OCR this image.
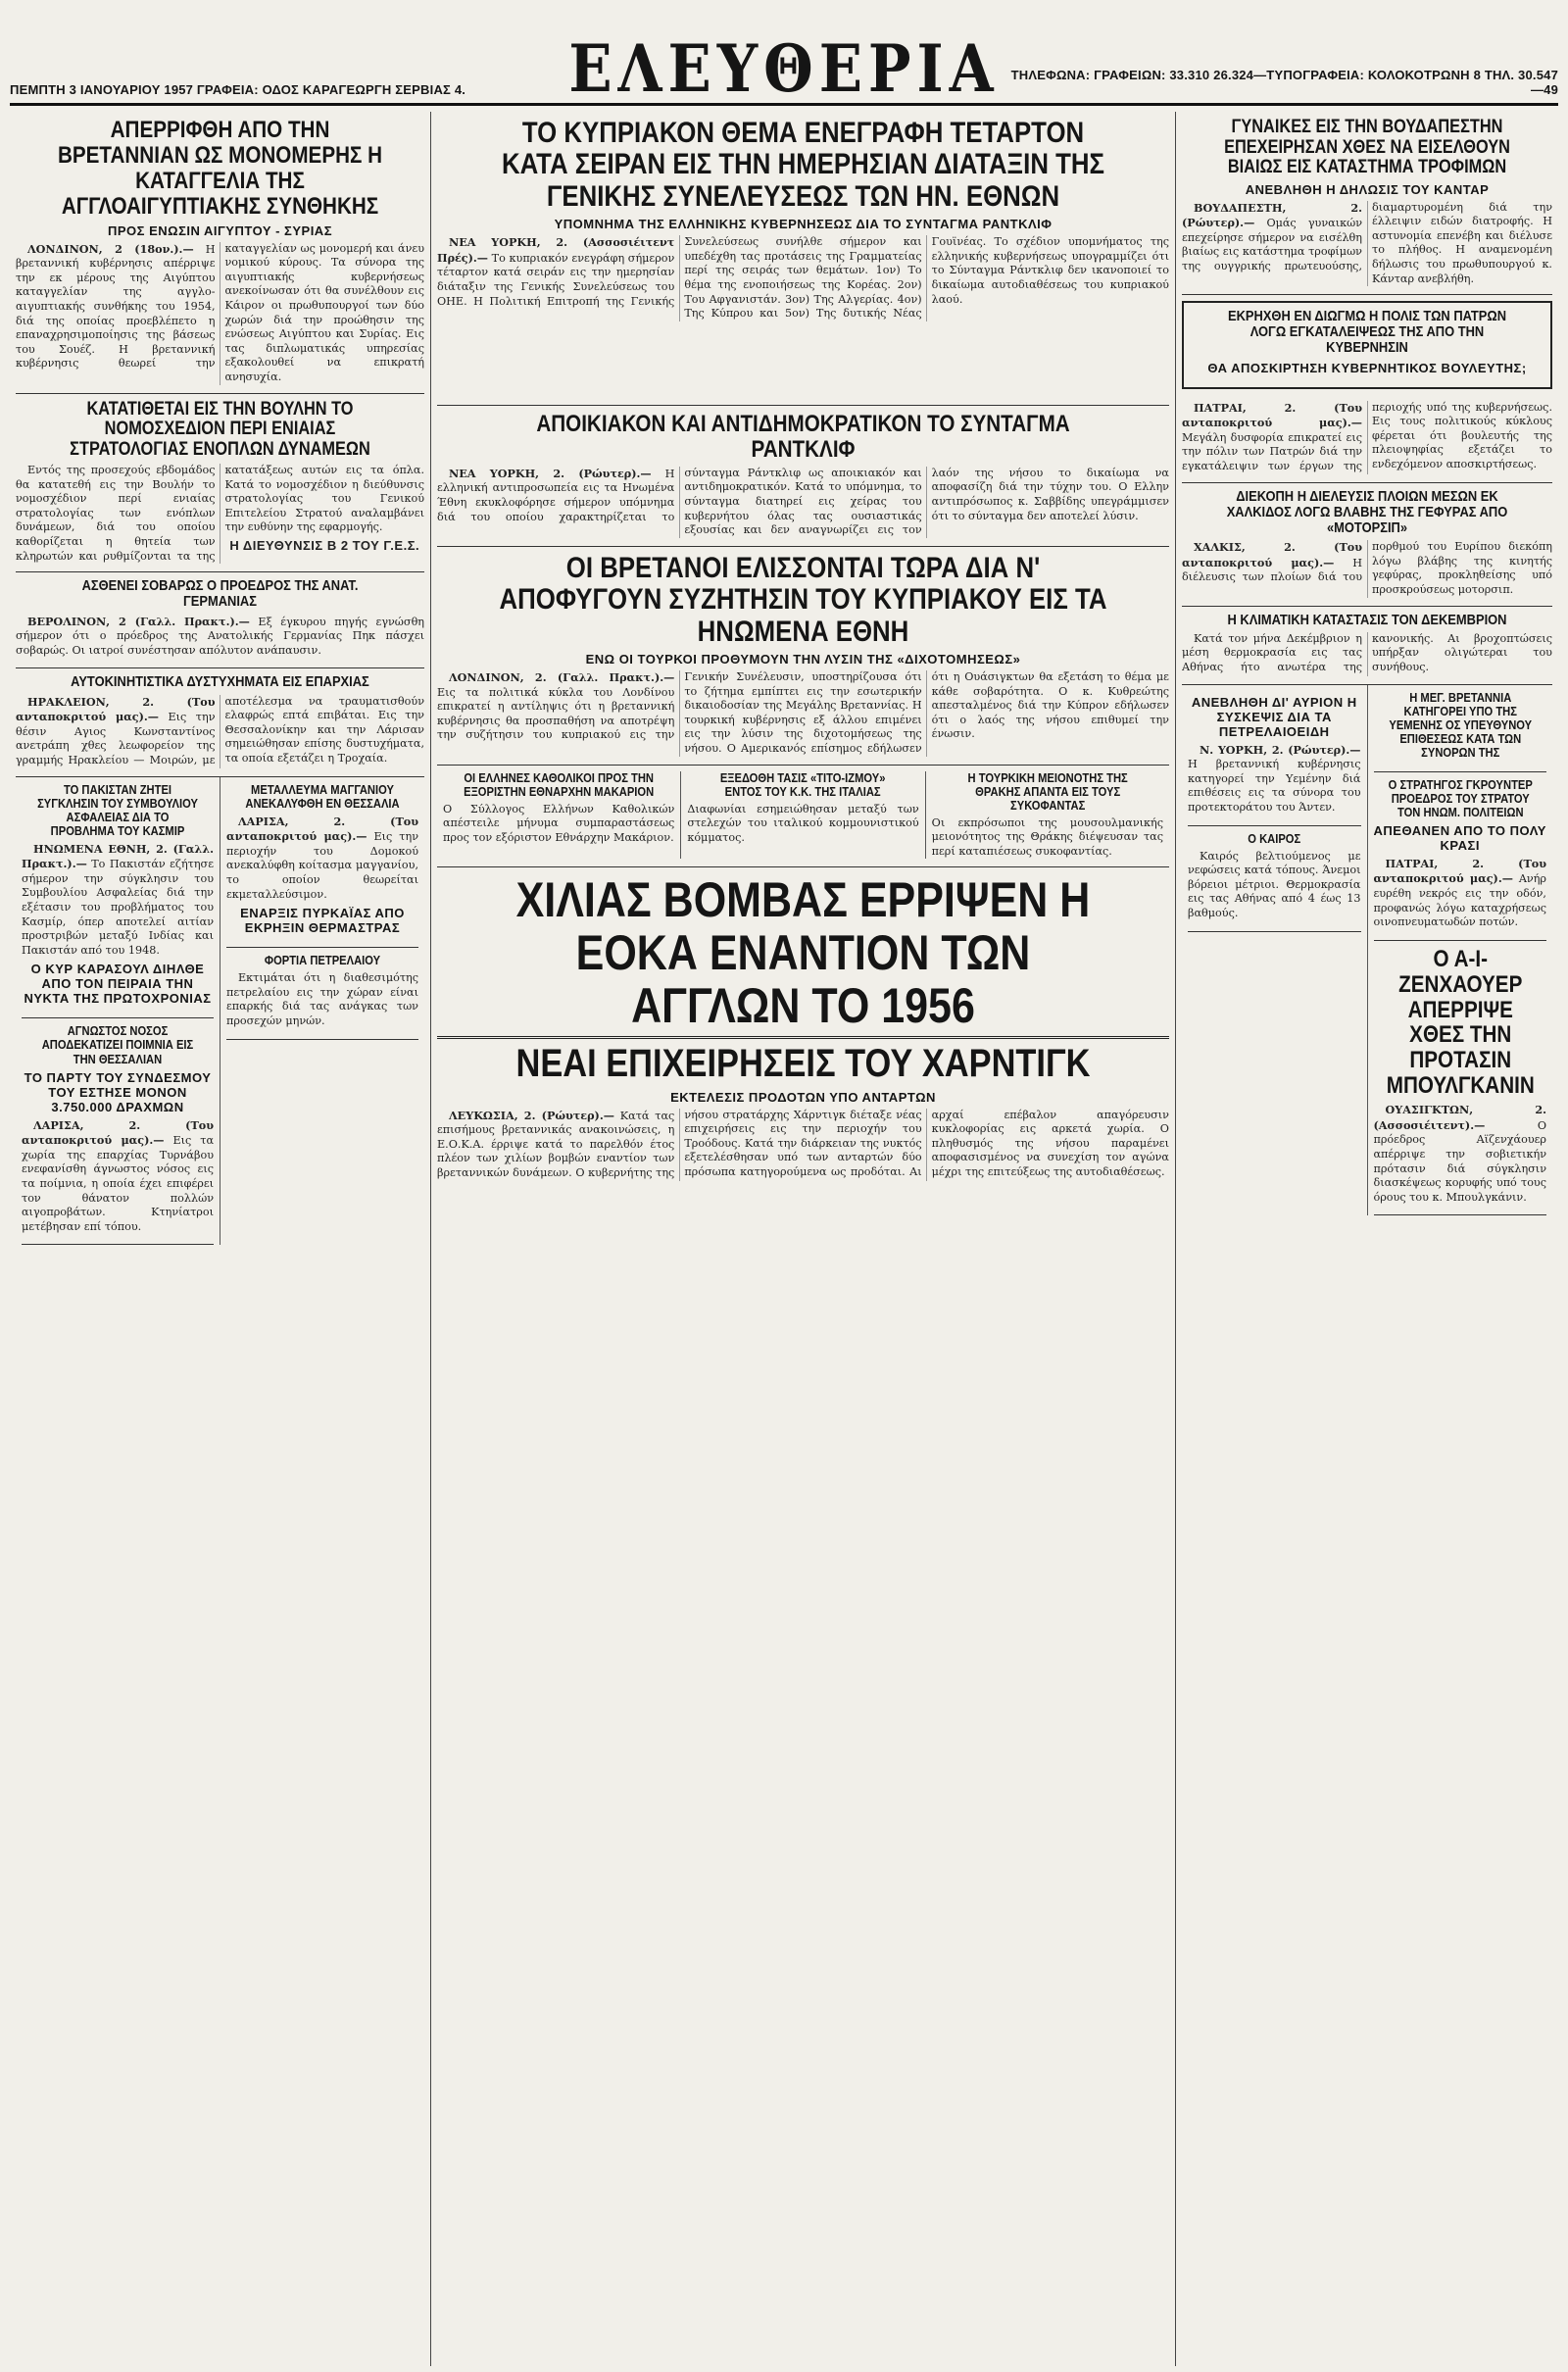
ΠΕΜΠΤΗ 3 ΙΑΝΟΥΑΡΙΟΥ 1957 ΓΡΑΦΕΙΑ: ΟΔΟΣ ΚΑΡΑΓΕΩΡΓΗ ΣΕΡΒΙΑΣ 4.	ΕΛΕΥΘΕΡΙΑ ΤΗΛΕΦΩΝΑ: ΓΡΑΦΕΙΩΝ: 33.310 26.324—ΤΥΠΟΓΡΑΦΕΙΑ: ΚΟΛΟΚΟΤΡΩΝΗ 8 ΤΗΛ. 30.547—49
ΑΠΕΡΡΙΦΘΗ ΑΠΟ ΤΗΝ ΒΡΕΤΑΝΝΙΑΝ ΩΣ ΜΟΝΟΜΕΡΗΣ Η ΚΑΤΑΓΓΕΛΙΑ ΤΗΣ ΑΓΓΛΟΑΙΓΥΠΤΙΑΚΗΣ ΣΥΝΘΗΚΗΣ
ΠΡΟΣ ΕΝΩΣΙΝ ΑΙΓΥΠΤΟΥ - ΣΥΡΙΑΣ

ΛΟΝΔΙΝΟΝ, 2 (18ον.).— Η βρεταννική κυβέρνησις απέρριψε την εκ μέρους της Αιγύπτου καταγγελίαν της αγγλο-αιγυπτιακής συνθήκης του 1954, διά της οποίας προεβλέπετο η επαναχρησιμοποίησις της βάσεως του Σουέζ. Η βρεταννική κυβέρνησις θεωρεί την καταγγελίαν ως μονομερή και άνευ νομικού κύρους. Τα σύνορα της αιγυπτιακής κυβερνήσεως ανεκοίνωσαν ότι θα συνέλθουν εις Κάιρον οι πρωθυπουργοί των δύο χωρών διά την προώθησιν της ενώσεως Αιγύπτου και Συρίας. Εις τας διπλωματικάς υπηρεσίας εξακολουθεί να επικρατή ανησυχία.

ΚΑΤΑΤΙΘΕΤΑΙ ΕΙΣ ΤΗΝ ΒΟΥΛΗΝ ΤΟ ΝΟΜΟΣΧΕΔΙΟΝ ΠΕΡΙ ΕΝΙΑΙΑΣ ΣΤΡΑΤΟΛΟΓΙΑΣ ΕΝΟΠΛΩΝ ΔΥΝΑΜΕΩΝ

Εντός της προσεχούς εβδομάδος θα κατατεθή εις την Βουλήν το νομοσχέδιον περί ενιαίας στρατολογίας των ενόπλων δυνάμεων, διά του οποίου καθορίζεται η θητεία των κληρωτών και ρυθμίζονται τα της κατατάξεως αυτών εις τα όπλα. Κατά το νομοσχέδιον η διεύθυνσις στρατολογίας του Γενικού Επιτελείου Στρατού αναλαμβάνει την ευθύνην της εφαρμογής.

Η ΔΙΕΥΘΥΝΣΙΣ Β 2 ΤΟΥ Γ.Ε.Σ.
ΑΣΘΕΝΕΙ ΣΟΒΑΡΩΣ Ο ΠΡΟΕΔΡΟΣ ΤΗΣ ΑΝΑΤ. ΓΕΡΜΑΝΙΑΣ

ΒΕΡΟΛΙΝΟΝ, 2 (Γαλλ. Πρακτ.).— Εξ έγκυρου πηγής εγνώσθη σήμερον ότι ο πρόεδρος της Ανατολικής Γερμανίας Πηκ πάσχει σοβαρώς. Οι ιατροί συνέστησαν απόλυτον ανάπαυσιν.

ΑΥΤΟΚΙΝΗΤΙΣΤΙΚΑ ΔΥΣΤΥΧΗΜΑΤΑ ΕΙΣ ΕΠΑΡΧΙΑΣ

ΗΡΑΚΛΕΙΟΝ, 2. (Του ανταποκριτού μας).— Εις την θέσιν Αγιος Κωνσταντίνος ανετράπη χθες λεωφορείον της γραμμής Ηρακλείου — Μοιρών, με αποτέλεσμα να τραυματισθούν ελαφρώς επτά επιβάται. Εις την Θεσσαλονίκην και την Λάρισαν σημειώθησαν επίσης δυστυχήματα, τα οποία εξετάζει η Τροχαία.

ΤΟ ΠΑΚΙΣΤΑΝ ΖΗΤΕΙ ΣΥΓΚΛΗΣΙΝ ΤΟΥ ΣΥΜΒΟΥΛΙΟΥ ΑΣΦΑΛΕΙΑΣ ΔΙΑ ΤΟ ΠΡΟΒΛΗΜΑ ΤΟΥ ΚΑΣΜΙΡ

ΗΝΩΜΕΝΑ ΕΘΝΗ, 2. (Γαλλ. Πρακτ.).— Το Πακιστάν εζήτησε σήμερον την σύγκλησιν του Συμβουλίου Ασφαλείας διά την εξέτασιν του προβλήματος του Κασμίρ, όπερ αποτελεί αιτίαν προστριβών μεταξύ Ινδίας και Πακιστάν από του 1948.

Ο ΚΥΡ ΚΑΡΑΣΟΥΛ ΔΙΗΛΘΕ ΑΠΟ ΤΟΝ ΠΕΙΡΑΙΑ ΤΗΝ ΝΥΚΤΑ ΤΗΣ ΠΡΩΤΟΧΡΟΝΙΑΣ
ΑΓΝΩΣΤΟΣ ΝΟΣΟΣ ΑΠΟΔΕΚΑΤΙΖΕΙ ΠΟΙΜΝΙΑ ΕΙΣ ΤΗΝ ΘΕΣΣΑΛΙΑΝ
ΤΟ ΠΑΡΤΥ ΤΟΥ ΣΥΝΔΕΣΜΟΥ ΤΟΥ ΕΣΤΗΣΕ ΜΟΝΟΝ 3.750.000 ΔΡΑΧΜΩΝ

ΛΑΡΙΣΑ, 2. (Του ανταποκριτού μας).— Εις τα χωρία της επαρχίας Τυρνάβου ενεφανίσθη άγνωστος νόσος εις τα ποίμνια, η οποία έχει επιφέρει τον θάνατον πολλών αιγοπροβάτων. Κτηνίατροι μετέβησαν επί τόπου.

ΜΕΤΑΛΛΕΥΜΑ ΜΑΓΓΑΝΙΟΥ ΑΝΕΚΑΛΥΦΘΗ ΕΝ ΘΕΣΣΑΛΙΑ

ΛΑΡΙΣΑ, 2. (Του ανταποκριτού μας).— Εις την περιοχήν του Δομοκού ανεκαλύφθη κοίτασμα μαγγανίου, το οποίον θεωρείται εκμεταλλεύσιμον.

ΕΝΑΡΞΙΣ ΠΥΡΚΑΪΑΣ ΑΠΟ ΕΚΡΗΞΙΝ ΘΕΡΜΑΣΤΡΑΣ
ΦΟΡΤΙΑ ΠΕΤΡΕΛΑΙΟΥ

Εκτιμάται ότι η διαθεσιμότης πετρελαίου εις την χώραν είναι επαρκής διά τας ανάγκας των προσεχών μηνών.

ΤΟ ΚΥΠΡΙΑΚΟΝ ΘΕΜΑ ΕΝΕΓΡΑΦΗ ΤΕΤΑΡΤΟΝ ΚΑΤΑ ΣΕΙΡΑΝ ΕΙΣ ΤΗΝ ΗΜΕΡΗΣΙΑΝ ΔΙΑΤΑΞΙΝ ΤΗΣ ΓΕΝΙΚΗΣ ΣΥΝΕΛΕΥΣΕΩΣ ΤΩΝ ΗΝ. ΕΘΝΩΝ
ΥΠΟΜΝΗΜΑ ΤΗΣ ΕΛΛΗΝΙΚΗΣ ΚΥΒΕΡΝΗΣΕΩΣ ΔΙΑ ΤΟ ΣΥΝΤΑΓΜΑ ΡΑΝΤΚΛΙΦ

ΝΕΑ ΥΟΡΚΗ, 2. (Ασσοσιέιτεντ Πρές).— Το κυπριακόν ενεγράφη σήμερον τέταρτον κατά σειράν εις την ημερησίαν διάταξιν της Γενικής Συνελεύσεως του ΟΗΕ. Η Πολιτική Επιτροπή της Γενικής Συνελεύσεως συνήλθε σήμερον και υπεδέχθη τας προτάσεις της Γραμματείας περί της σειράς των θεμάτων. 1ον) Το θέμα της ενοποιήσεως της Κορέας. 2ον) Του Αφγανιστάν. 3ον) Της Αλγερίας. 4ον) Της Κύπρου και 5ον) Της δυτικής Νέας Γουϊνέας. Το σχέδιον υπομνήματος της ελληνικής κυβερνήσεως υπογραμμίζει ότι το Σύνταγμα Ράντκλιφ δεν ικανοποιεί το δικαίωμα αυτοδιαθέσεως του κυπριακού λαού.

ΑΠΟΙΚΙΑΚΟΝ ΚΑΙ ΑΝΤΙΔΗΜΟΚΡΑΤΙΚΟΝ ΤΟ ΣΥΝΤΑΓΜΑ ΡΑΝΤΚΛΙΦ

ΝΕΑ ΥΟΡΚΗ, 2. (Ρώυτερ).— Η ελληνική αντιπροσωπεία εις τα Ηνωμένα Έθνη εκυκλοφόρησε σήμερον υπόμνημα διά του οποίου χαρακτηρίζεται το σύνταγμα Ράντκλιφ ως αποικιακόν και αντιδημοκρατικόν. Κατά το υπόμνημα, το σύνταγμα διατηρεί εις χείρας του κυβερνήτου όλας τας ουσιαστικάς εξουσίας και δεν αναγνωρίζει εις τον λαόν της νήσου το δικαίωμα να αποφασίζη διά την τύχην του. Ο Ελλην αντιπρόσωπος κ. Σαββίδης υπεγράμμισεν ότι το σύνταγμα δεν αποτελεί λύσιν.

ΟΙ ΒΡΕΤΑΝΟΙ ΕΛΙΣΣΟΝΤΑΙ ΤΩΡΑ ΔΙΑ Ν' ΑΠΟΦΥΓΟΥΝ ΣΥΖΗΤΗΣΙΝ ΤΟΥ ΚΥΠΡΙΑΚΟΥ ΕΙΣ ΤΑ ΗΝΩΜΕΝΑ ΕΘΝΗ
ΕΝΩ ΟΙ ΤΟΥΡΚΟΙ ΠΡΟΘΥΜΟΥΝ ΤΗΝ ΛΥΣΙΝ ΤΗΣ «ΔΙΧΟΤΟΜΗΣΕΩΣ»

ΛΟΝΔΙΝΟΝ, 2. (Γαλλ. Πρακτ.).— Εις τα πολιτικά κύκλα του Λονδίνου επικρατεί η αντίληψις ότι η βρεταννική κυβέρνησις θα προσπαθήση να αποτρέψη την συζήτησιν του κυπριακού εις την Γενικήν Συνέλευσιν, υποστηρίζουσα ότι το ζήτημα εμπίπτει εις την εσωτερικήν δικαιοδοσίαν της Μεγάλης Βρεταννίας. Η τουρκική κυβέρνησις εξ άλλου επιμένει εις την λύσιν της διχοτομήσεως της νήσου. Ο Αμερικανός επίσημος εδήλωσεν ότι η Ουάσιγκτων θα εξετάση το θέμα με κάθε σοβαρότητα. Ο κ. Κυθρεώτης απεσταλμένος διά την Κύπρον εδήλωσεν ότι ο λαός της νήσου επιθυμεί την ένωσιν.

ΟΙ ΕΛΛΗΝΕΣ ΚΑΘΟΛΙΚΟΙ ΠΡΟΣ ΤΗΝ ΕΞΟΡΙΣΤΗΝ ΕΘΝΑΡΧΗΝ ΜΑΚΑΡΙΟΝ
Ο Σύλλογος Ελλήνων Καθολικών απέστειλε μήνυμα συμπαραστάσεως προς τον εξόριστον Εθνάρχην Μακάριον.
ΕΞΕΔΟΘΗ ΤΑΣΙΣ «ΤΙΤΟ-ΙΖΜΟΥ» ΕΝΤΟΣ ΤΟΥ Κ.Κ. ΤΗΣ ΙΤΑΛΙΑΣ
Διαφωνίαι εσημειώθησαν μεταξύ των στελεχών του ιταλικού κομμουνιστικού κόμματος.
Η ΤΟΥΡΚΙΚΗ ΜΕΙΟΝΟΤΗΣ ΤΗΣ ΘΡΑΚΗΣ ΑΠΑΝΤΑ ΕΙΣ ΤΟΥΣ ΣΥΚΟΦΑΝΤΑΣ
Οι εκπρόσωποι της μουσουλμανικής μειονότητος της Θράκης διέψευσαν τας περί καταπιέσεως συκοφαντίας.
ΧΙΛΙΑΣ ΒΟΜΒΑΣ ΕΡΡΙΨΕΝ Η ΕΟΚΑ ΕΝΑΝΤΙΟΝ ΤΩΝ ΑΓΓΛΩΝ ΤΟ 1956
ΝΕΑΙ ΕΠΙΧΕΙΡΗΣΕΙΣ ΤΟΥ ΧΑΡΝΤΙΓΚ
ΕΚΤΕΛΕΣΙΣ ΠΡΟΔΟΤΩΝ ΥΠΟ ΑΝΤΑΡΤΩΝ

ΛΕΥΚΩΣΙΑ, 2. (Ρώυτερ).— Κατά τας επισήμους βρεταννικάς ανακοινώσεις, η Ε.Ο.Κ.Α. έρριψε κατά το παρελθόν έτος πλέον των χιλίων βομβών εναντίον των βρεταννικών δυνάμεων. Ο κυβερνήτης της νήσου στρατάρχης Χάρντιγκ διέταξε νέας επιχειρήσεις εις την περιοχήν του Τροόδους. Κατά την διάρκειαν της νυκτός εξετελέσθησαν υπό των ανταρτών δύο πρόσωπα κατηγορούμενα ως προδόται. Αι αρχαί επέβαλον απαγόρευσιν κυκλοφορίας εις αρκετά χωρία. Ο πληθυσμός της νήσου παραμένει αποφασισμένος να συνεχίση τον αγώνα μέχρι της επιτεύξεως της αυτοδιαθέσεως.

ΓΥΝΑΙΚΕΣ ΕΙΣ ΤΗΝ ΒΟΥΔΑΠΕΣΤΗΝ ΕΠΕΧΕΙΡΗΣΑΝ ΧΘΕΣ ΝΑ ΕΙΣΕΛΘΟΥΝ ΒΙΑΙΩΣ ΕΙΣ ΚΑΤΑΣΤΗΜΑ ΤΡΟΦΙΜΩΝ
ΑΝΕΒΛΗΘΗ Η ΔΗΛΩΣΙΣ ΤΟΥ ΚΑΝΤΑΡ

ΒΟΥΔΑΠΕΣΤΗ, 2. (Ρώυτερ).— Ομάς γυναικών επεχείρησε σήμερον να εισέλθη βιαίως εις κατάστημα τροφίμων της ουγγρικής πρωτευούσης, διαμαρτυρομένη διά την έλλειψιν ειδών διατροφής. Η αστυνομία επενέβη και διέλυσε το πλήθος. Η αναμενομένη δήλωσις του πρωθυπουργού κ. Κάνταρ ανεβλήθη.

ΕΚΡΗΧΘΗ ΕΝ ΔΙΩΓΜΩ Η ΠΟΛΙΣ ΤΩΝ ΠΑΤΡΩΝ ΛΟΓΩ ΕΓΚΑΤΑΛΕΙΨΕΩΣ ΤΗΣ ΑΠΟ ΤΗΝ ΚΥΒΕΡΝΗΣΙΝ
ΘΑ ΑΠΟΣΚΙΡΤΗΣΗ ΚΥΒΕΡΝΗΤΙΚΟΣ ΒΟΥΛΕΥΤΗΣ;

ΠΑΤΡΑΙ, 2. (Του ανταποκριτού μας).— Μεγάλη δυσφορία επικρατεί εις την πόλιν των Πατρών διά την εγκατάλειψιν των έργων της περιοχής υπό της κυβερνήσεως. Εις τους πολιτικούς κύκλους φέρεται ότι βουλευτής της πλειοψηφίας εξετάζει το ενδεχόμενον αποσκιρτήσεως.

ΔΙΕΚΟΠΗ Η ΔΙΕΛΕΥΣΙΣ ΠΛΟΙΩΝ ΜΕΣΩΝ ΕΚ ΧΑΛΚΙΔΟΣ ΛΟΓΩ ΒΛΑΒΗΣ ΤΗΣ ΓΕΦΥΡΑΣ ΑΠΟ «ΜΟΤΟΡΣΙΠ»

ΧΑΛΚΙΣ, 2. (Του ανταποκριτού μας).— Η διέλευσις των πλοίων διά του πορθμού του Ευρίπου διεκόπη λόγω βλάβης της κινητής γεφύρας, προκληθείσης υπό προσκρούσεως μοτορσιπ.

Η ΚΛΙΜΑΤΙΚΗ ΚΑΤΑΣΤΑΣΙΣ ΤΟΝ ΔΕΚΕΜΒΡΙΟΝ

Κατά τον μήνα Δεκέμβριον η μέση θερμοκρασία εις τας Αθήνας ήτο ανωτέρα της κανονικής. Αι βροχοπτώσεις υπήρξαν ολιγώτεραι του συνήθους.

ΑΝΕΒΛΗΘΗ ΔΙ' ΑΥΡΙΟΝ Η ΣΥΣΚΕΨΙΣ ΔΙΑ ΤΑ ΠΕΤΡΕΛΑΙΟΕΙΔΗ

Ν. ΥΟΡΚΗ, 2. (Ρώυτερ).— Η βρεταννική κυβέρνησις κατηγορεί την Υεμένην διά επιθέσεις εις τα σύνορα του προτεκτοράτου του Άντεν.

Ο ΚΑΙΡΟΣ

Καιρός βελτιούμενος με νεφώσεις κατά τόπους. Άνεμοι βόρειοι μέτριοι. Θερμοκρασία εις τας Αθήνας από 4 έως 13 βαθμούς.

Η ΜΕΓ. ΒΡΕΤΑΝΝΙΑ ΚΑΤΗΓΟΡΕΙ ΥΠΟ ΤΗΣ ΥΕΜΕΝΗΣ ΟΣ ΥΠΕΥΘΥΝΟΥ ΕΠΙΘΕΣΕΩΣ ΚΑΤΑ ΤΩΝ ΣΥΝΟΡΩΝ ΤΗΣ
Ο ΣΤΡΑΤΗΓΟΣ ΓΚΡΟΥΝΤΕΡ ΠΡΟΕΔΡΟΣ ΤΟΥ ΣΤΡΑΤΟΥ ΤΟΝ ΗΝΩΜ. ΠΟΛΙΤΕΙΩΝ
ΑΠΕΘΑΝΕΝ ΑΠΟ ΤΟ ΠΟΛΥ ΚΡΑΣΙ

ΠΑΤΡΑΙ, 2. (Του ανταποκριτού μας).— Ανήρ ευρέθη νεκρός εις την οδόν, προφανώς λόγω καταχρήσεως οινοπνευματωδών ποτών.

Ο Α-Ι-ΖΕΝΧΑΟΥΕΡ ΑΠΕΡΡΙΨΕ ΧΘΕΣ ΤΗΝ ΠΡΟΤΑΣΙΝ ΜΠΟΥΛΓΚΑΝΙΝ

ΟΥΑΣΙΓΚΤΩΝ, 2. (Ασσοσιέιτεντ).—	Ο πρόεδρος Αϊζενχάουερ απέρριψε την σοβιετικήν πρότασιν διά σύγκλησιν διασκέψεως κορυφής υπό τους όρους του κ. Μπουλγκάνιν.
